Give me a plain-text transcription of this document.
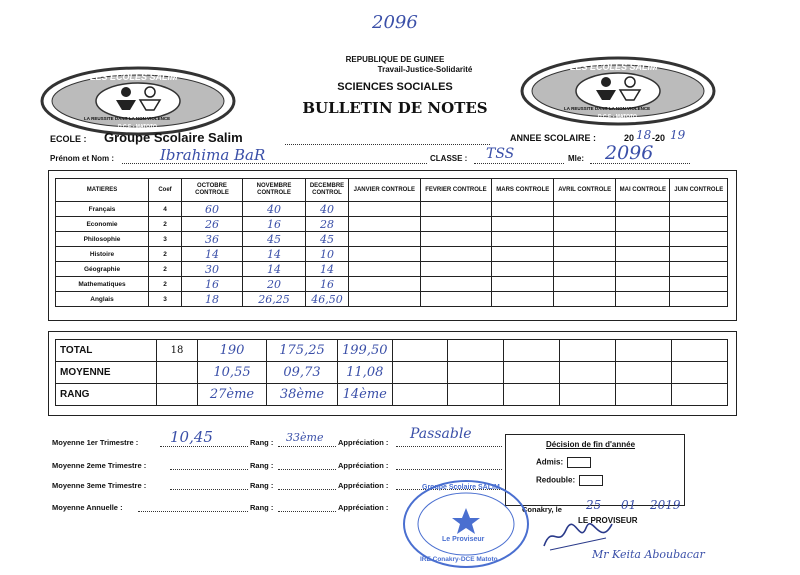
2096
LES ECOLES SALIM
LA REUSSITE DANS LA NON VIOLENCE
D.C.E - MATOTO
LES ECOLES SALIM
LA REUSSITE DANS LA NON VIOLENCE
D.C.E - MATOTO
REPUBLIQUE DE GUINEE
Travail-Justice-Solidarité
SCIENCES SOCIALES
BULLETIN DE NOTES
ECOLE : Groupe Scolaire Salim	ANNEE SCOLAIRE :	20 18 -20 19
Prénom et Nom :	Ibrahima BaR	CLASSE : TSS	Mle: 2096
MATIERES	Coef	OCTOBRE CONTROLE	NOVEMBRE CONTROLE	DECEMBRE CONTROL	JANVIER CONTROLE	FEVRIER CONTROLE	MARS CONTROLE	AVRIL CONTROLE	MAI CONTROLE	JUIN CONTROLE
Français	4	60	40	40						
Economie	2	26	16	28						
Philosophie	3	36	45	45						
Histoire	2	14	14	10						
Géographie	2	30	14	14						
Mathematiques	2	16	20	16						
Anglais	3	18	26,25	46,50						
TOTAL	18	190	175,25	199,50						
MOYENNE		10,55	09,73	11,08						
RANG		27ème	38ème	14ème						
Moyenne 1er Trimestre : 10,45	Rang : 33ème Appréciation :
Passable
Moyenne 2eme Trimestre :	Rang :	Appréciation :
Moyenne 3eme Trimestre :	Rang :	Appréciation :
Moyenne Annuelle :	Rang :	Appréciation :
Décision de fin d'année
Admis:
Redouble:
Conakry, le 25 01 2019
LE PROVISEUR
Mr Keita Aboubacar
Groupe Scolaire SALIM
Le Proviseur
IRE Conakry-DCE Matoto
